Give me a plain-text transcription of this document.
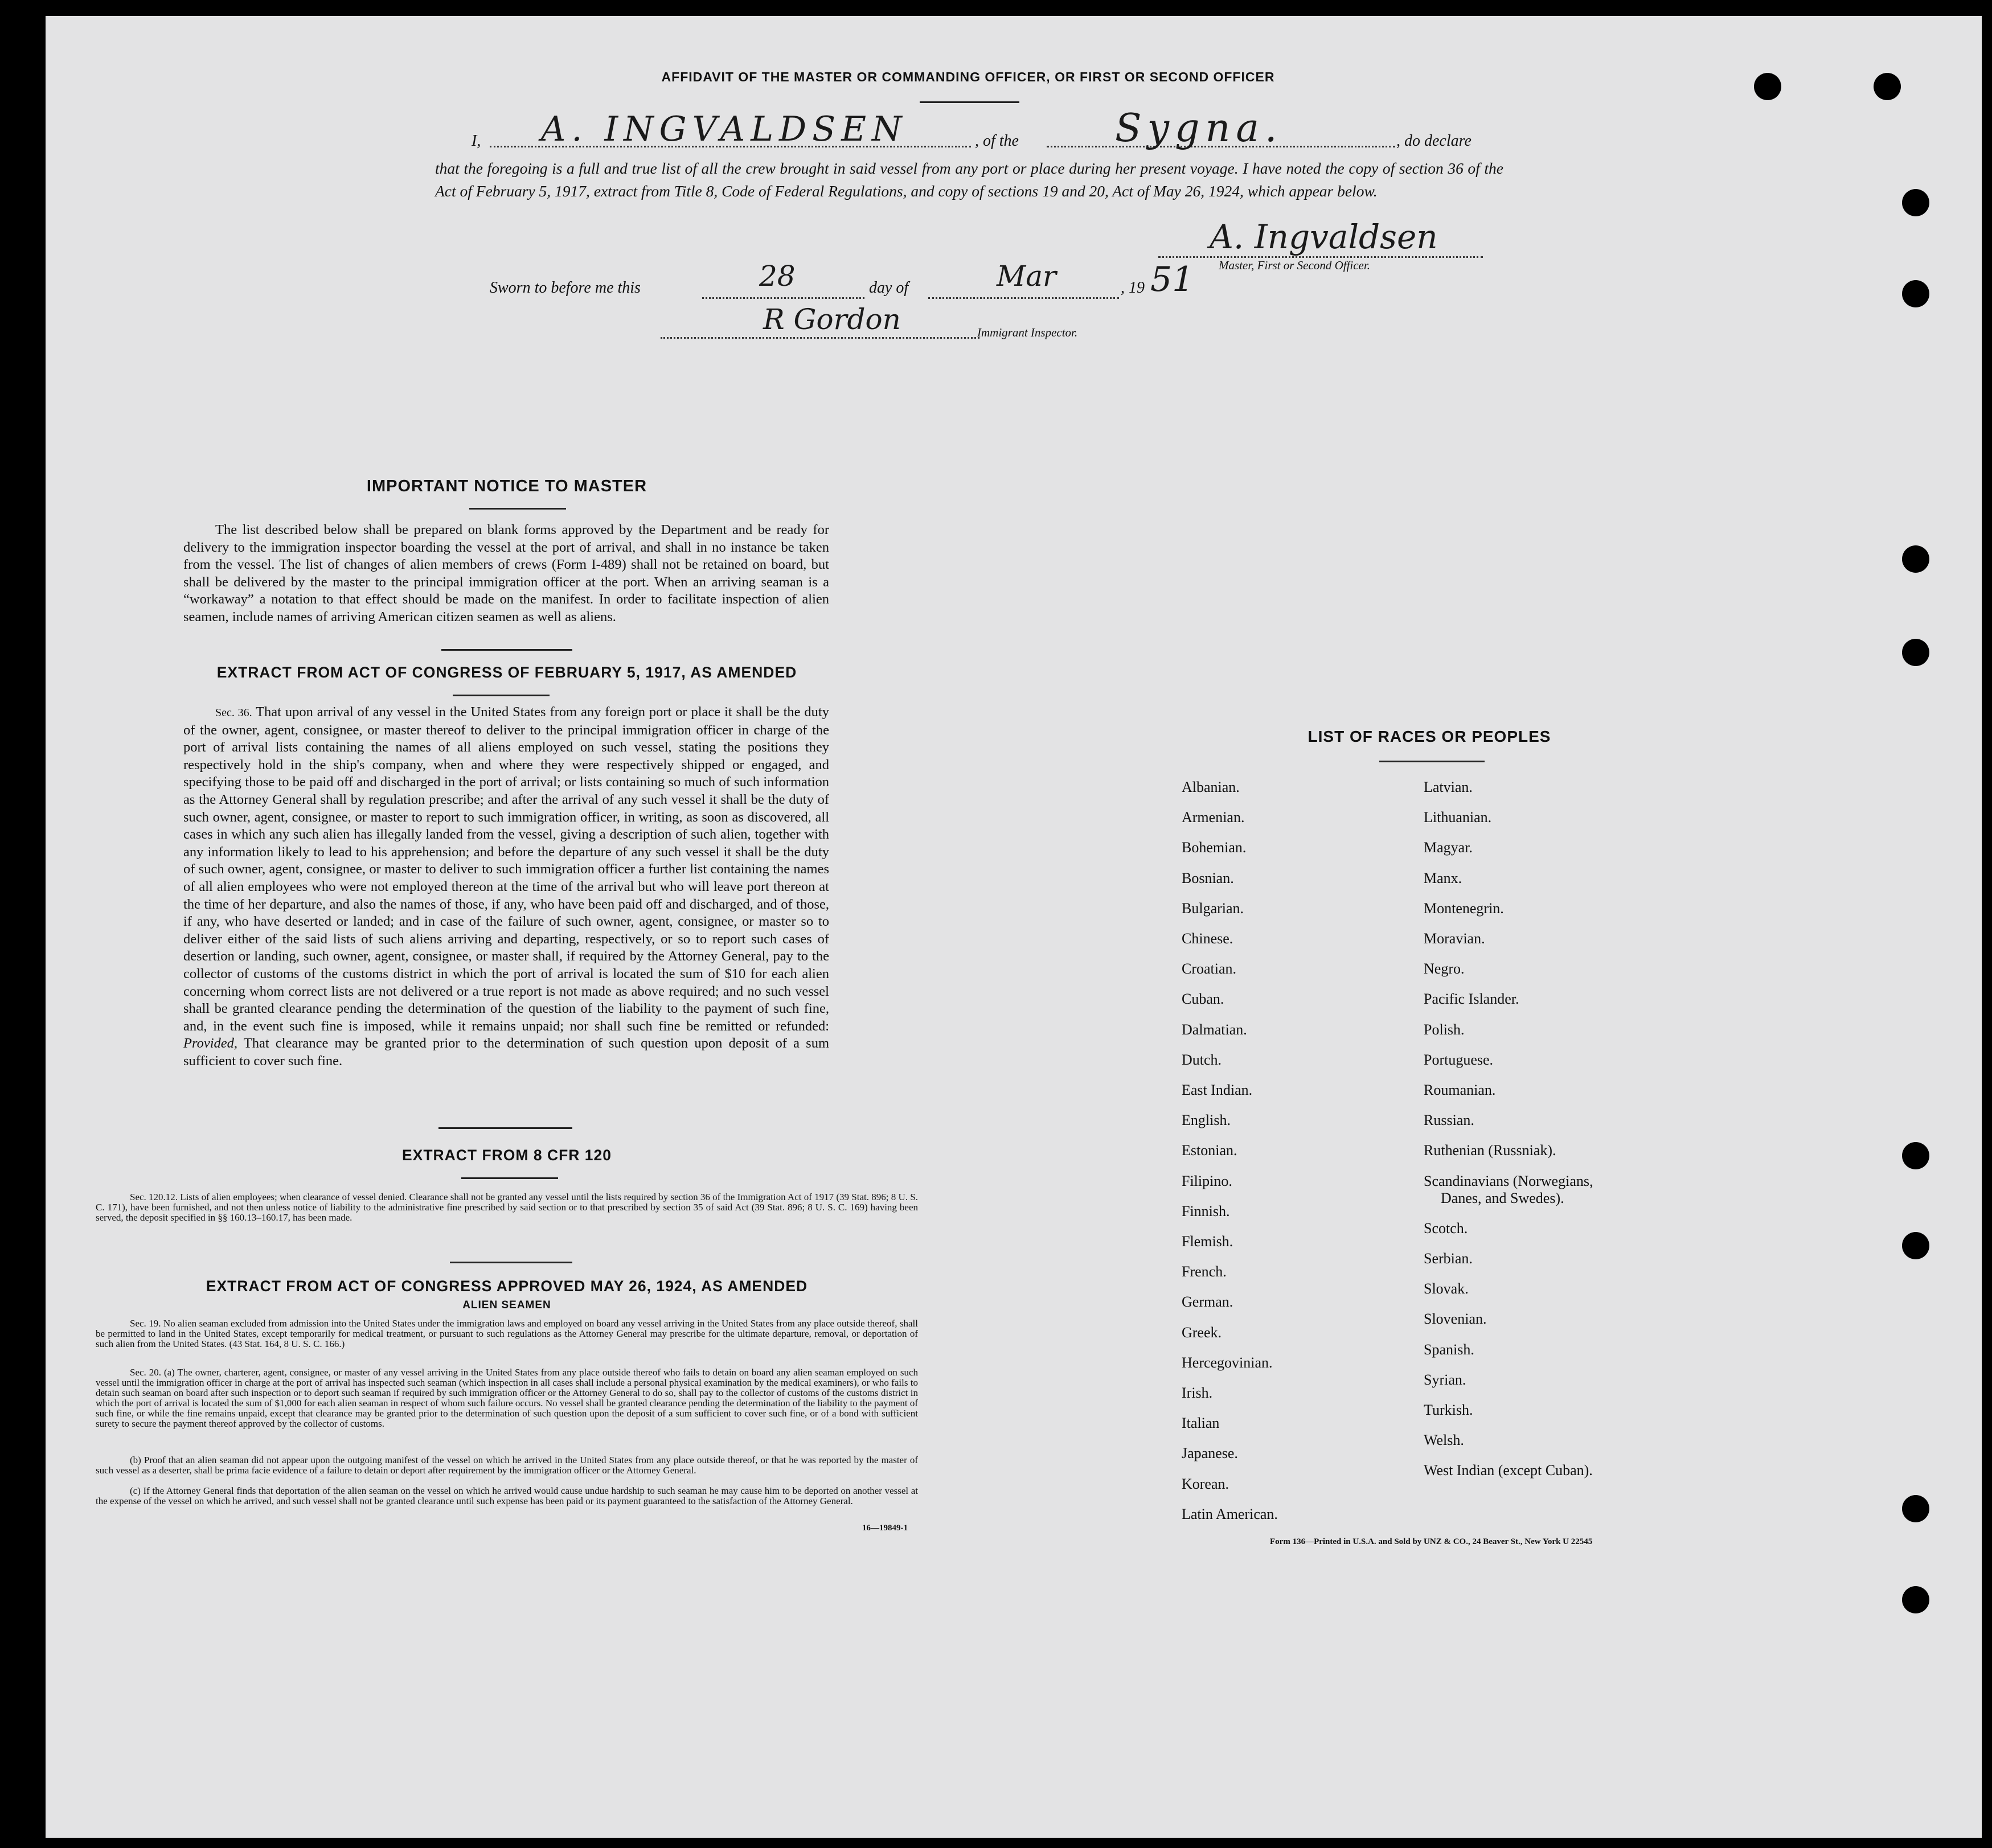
AFFIDAVIT OF THE MASTER OR COMMANDING OFFICER, OR FIRST OR SECOND OFFICER
I, A. INGVALDSEN	, of the Sygna.	, do declare
that the foregoing is a full and true list of all the crew brought in said vessel from any port or place during her present voyage. I have noted the copy of section 36 of the Act of February 5, 1917, extract from Title 8, Code of Federal Regulations, and copy of sections 19 and 20, Act of May 26, 1924, which appear below.
A. Ingvaldsen
Master, First or Second Officer.
Sworn to before me this	28	day of	Mar	, 19 51
R Gordon	Immigrant Inspector.
IMPORTANT NOTICE TO MASTER
The list described below shall be prepared on blank forms approved by the Department and be ready for delivery to the immigration inspector boarding the vessel at the port of arrival, and shall in no instance be taken from the vessel. The list of changes of alien members of crews (Form I-489) shall not be retained on board, but shall be delivered by the master to the principal immigration officer at the port. When an arriving seaman is a “workaway” a notation to that effect should be made on the manifest. In order to facilitate inspection of alien seamen, include names of arriving American citizen seamen as well as aliens.
EXTRACT FROM ACT OF CONGRESS OF FEBRUARY 5, 1917, AS AMENDED
Sec. 36. That upon arrival of any vessel in the United States from any foreign port or place it shall be the duty of the owner, agent, consignee, or master thereof to deliver to the principal immigration officer in charge of the port of arrival lists containing the names of all aliens employed on such vessel, stating the positions they respectively hold in the ship's company, when and where they were respectively shipped or engaged, and specifying those to be paid off and discharged in the port of arrival; or lists containing so much of such information as the Attorney General shall by regulation prescribe; and after the arrival of any such vessel it shall be the duty of such owner, agent, consignee, or master to report to such immigration officer, in writing, as soon as discovered, all cases in which any such alien has illegally landed from the vessel, giving a description of such alien, together with any information likely to lead to his apprehension; and before the departure of any such vessel it shall be the duty of such owner, agent, consignee, or master to deliver to such immigration officer a further list containing the names of all alien employees who were not employed thereon at the time of the arrival but who will leave port thereon at the time of her departure, and also the names of those, if any, who have been paid off and discharged, and of those, if any, who have deserted or landed; and in case of the failure of such owner, agent, consignee, or master so to deliver either of the said lists of such aliens arriving and departing, respectively, or so to report such cases of desertion or landing, such owner, agent, consignee, or master shall, if required by the Attorney General, pay to the collector of customs of the customs district in which the port of arrival is located the sum of $10 for each alien concerning whom correct lists are not delivered or a true report is not made as above required; and no such vessel shall be granted clearance pending the determination of the question of the liability to the payment of such fine, and, in the event such fine is imposed, while it remains unpaid; nor shall such fine be remitted or refunded: Provided, That clearance may be granted prior to the determination of such question upon deposit of a sum sufficient to cover such fine.
EXTRACT FROM 8 CFR 120
Sec. 120.12. Lists of alien employees; when clearance of vessel denied. Clearance shall not be granted any vessel until the lists required by section 36 of the Immigration Act of 1917 (39 Stat. 896; 8 U. S. C. 171), have been furnished, and not then unless notice of liability to the administrative fine prescribed by said section or to that prescribed by section 35 of said Act (39 Stat. 896; 8 U. S. C. 169) having been served, the deposit specified in §§ 160.13–160.17, has been made.
EXTRACT FROM ACT OF CONGRESS APPROVED MAY 26, 1924, AS AMENDED
ALIEN SEAMEN
Sec. 19. No alien seaman excluded from admission into the United States under the immigration laws and employed on board any vessel arriving in the United States from any place outside thereof, shall be permitted to land in the United States, except temporarily for medical treatment, or pursuant to such regulations as the Attorney General may prescribe for the ultimate departure, removal, or deportation of such alien from the United States. (43 Stat. 164, 8 U. S. C. 166.)
Sec. 20. (a) The owner, charterer, agent, consignee, or master of any vessel arriving in the United States from any place outside thereof who fails to detain on board any alien seaman employed on such vessel until the immigration officer in charge at the port of arrival has inspected such seaman (which inspection in all cases shall include a personal physical examination by the medical examiners), or who fails to detain such seaman on board after such inspection or to deport such seaman if required by such immigration officer or the Attorney General to do so, shall pay to the collector of customs of the customs district in which the port of arrival is located the sum of $1,000 for each alien seaman in respect of whom such failure occurs. No vessel shall be granted clearance pending the determination of the liability to the payment of such fine, or while the fine remains unpaid, except that clearance may be granted prior to the determination of such question upon the deposit of a sum sufficient to cover such fine, or of a bond with sufficient surety to secure the payment thereof approved by the collector of customs.
(b) Proof that an alien seaman did not appear upon the outgoing manifest of the vessel on which he arrived in the United States from any place outside thereof, or that he was reported by the master of such vessel as a deserter, shall be prima facie evidence of a failure to detain or deport after requirement by the immigration officer or the Attorney General.
(c) If the Attorney General finds that deportation of the alien seaman on the vessel on which he arrived would cause undue hardship to such seaman he may cause him to be deported on another vessel at the expense of the vessel on which he arrived, and such vessel shall not be granted clearance until such expense has been paid or its payment guaranteed to the satisfaction of the Attorney General.
16—19849-1
LIST OF RACES OR PEOPLES
Albanian.
Armenian.
Bohemian.
Bosnian.
Bulgarian.
Chinese.
Croatian.
Cuban.
Dalmatian.
Dutch.
East Indian.
English.
Estonian.
Filipino.
Finnish.
Flemish.
French.
German.
Greek.
Hercegovinian.
Irish.
Italian
Japanese.
Korean.
Latin American.
Latvian.
Lithuanian.
Magyar.
Manx.
Montenegrin.
Moravian.
Negro.
Pacific Islander.
Polish.
Portuguese.
Roumanian.
Russian.
Ruthenian (Russniak).
Scandinavians (Norwegians,
Danes, and Swedes).
Scotch.
Serbian.
Slovak.
Slovenian.
Spanish.
Syrian.
Turkish.
Welsh.
West Indian (except Cuban).
Form 136—Printed in U.S.A. and Sold by UNZ & CO., 24 Beaver St., New York U 22545
